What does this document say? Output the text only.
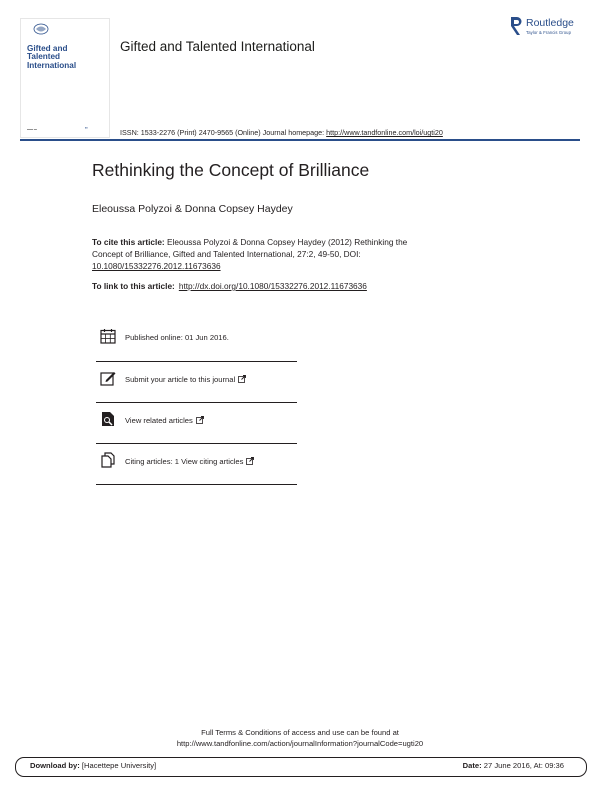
Gifted and
Talented
International
▬▬ ▬	▪▪
Gifted and Talented International
Routledge
Taylor & Francis Group
ISSN: 1533-2276 (Print) 2470-9565 (Online) Journal homepage: http://www.tandfonline.com/loi/ugti20
Rethinking the Concept of Brilliance
Eleoussa Polyzoi & Donna Copsey Haydey
To cite this article: Eleoussa Polyzoi & Donna Copsey Haydey (2012) Rethinking the Concept of Brilliance, Gifted and Talented International, 27:2, 49-50, DOI: 10.1080/15332276.2012.11673636
To link to this article: http://dx.doi.org/10.1080/15332276.2012.11673636
Published online: 01 Jun 2016.
Submit your article to this journal
View related articles
Citing articles: 1 View citing articles
Full Terms & Conditions of access and use can be found at
http://www.tandfonline.com/action/journalInformation?journalCode=ugti20
Download by: [Hacettepe University]	Date: 27 June 2016, At: 09:36
